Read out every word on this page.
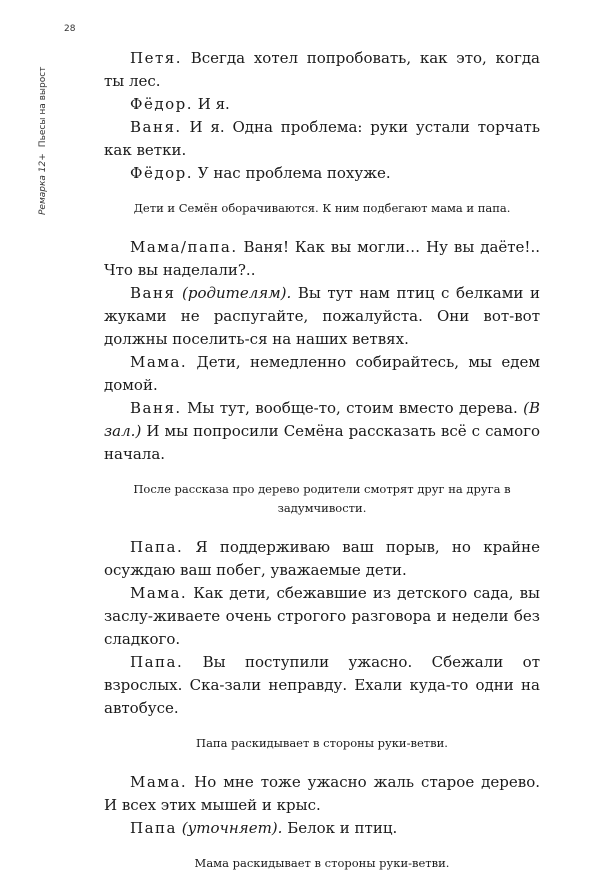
28
Ремарка 12+Пьесы на вырост

Петя. Всегда хотел попробовать, как это, когда ты лес.

Фёдор. И я.

Ваня. И я. Одна проблема: руки устали торчать как ветки.

Фёдор. У нас проблема похуже.

Дети и Семён оборачиваются. К ним подбегают мама и папа.

Мама/папа. Ваня! Как вы могли… Ну вы даёте!.. Что вы наделали?..

Ваня (родителям). Вы тут нам птиц с белками и жуками не распугайте, пожалуйста. Они вот-вот должны поселить-ся на наших ветвях.

Мама. Дети, немедленно собирайтесь, мы едем домой.

Ваня. Мы тут, вообще-то, стоим вместо дерева. (В зал.) И мы попросили Семёна рассказать всё с самого начала.

После рассказа про дерево родители смотрят друг на друга в задумчивости.

Папа. Я поддерживаю ваш порыв, но крайне осуждаю ваш побег, уважаемые дети.

Мама. Как дети, сбежавшие из детского сада, вы заслу-живаете очень строгого разговора и недели без сладкого.

Папа. Вы поступили ужасно. Сбежали от взрослых. Ска-зали неправду. Ехали куда-то одни на автобусе.

Папа раскидывает в стороны руки-ветви.

Мама. Но мне тоже ужасно жаль старое дерево. И всех этих мышей и крыс.

Папа (уточняет). Белок и птиц.

Мама раскидывает в стороны руки-ветви.
